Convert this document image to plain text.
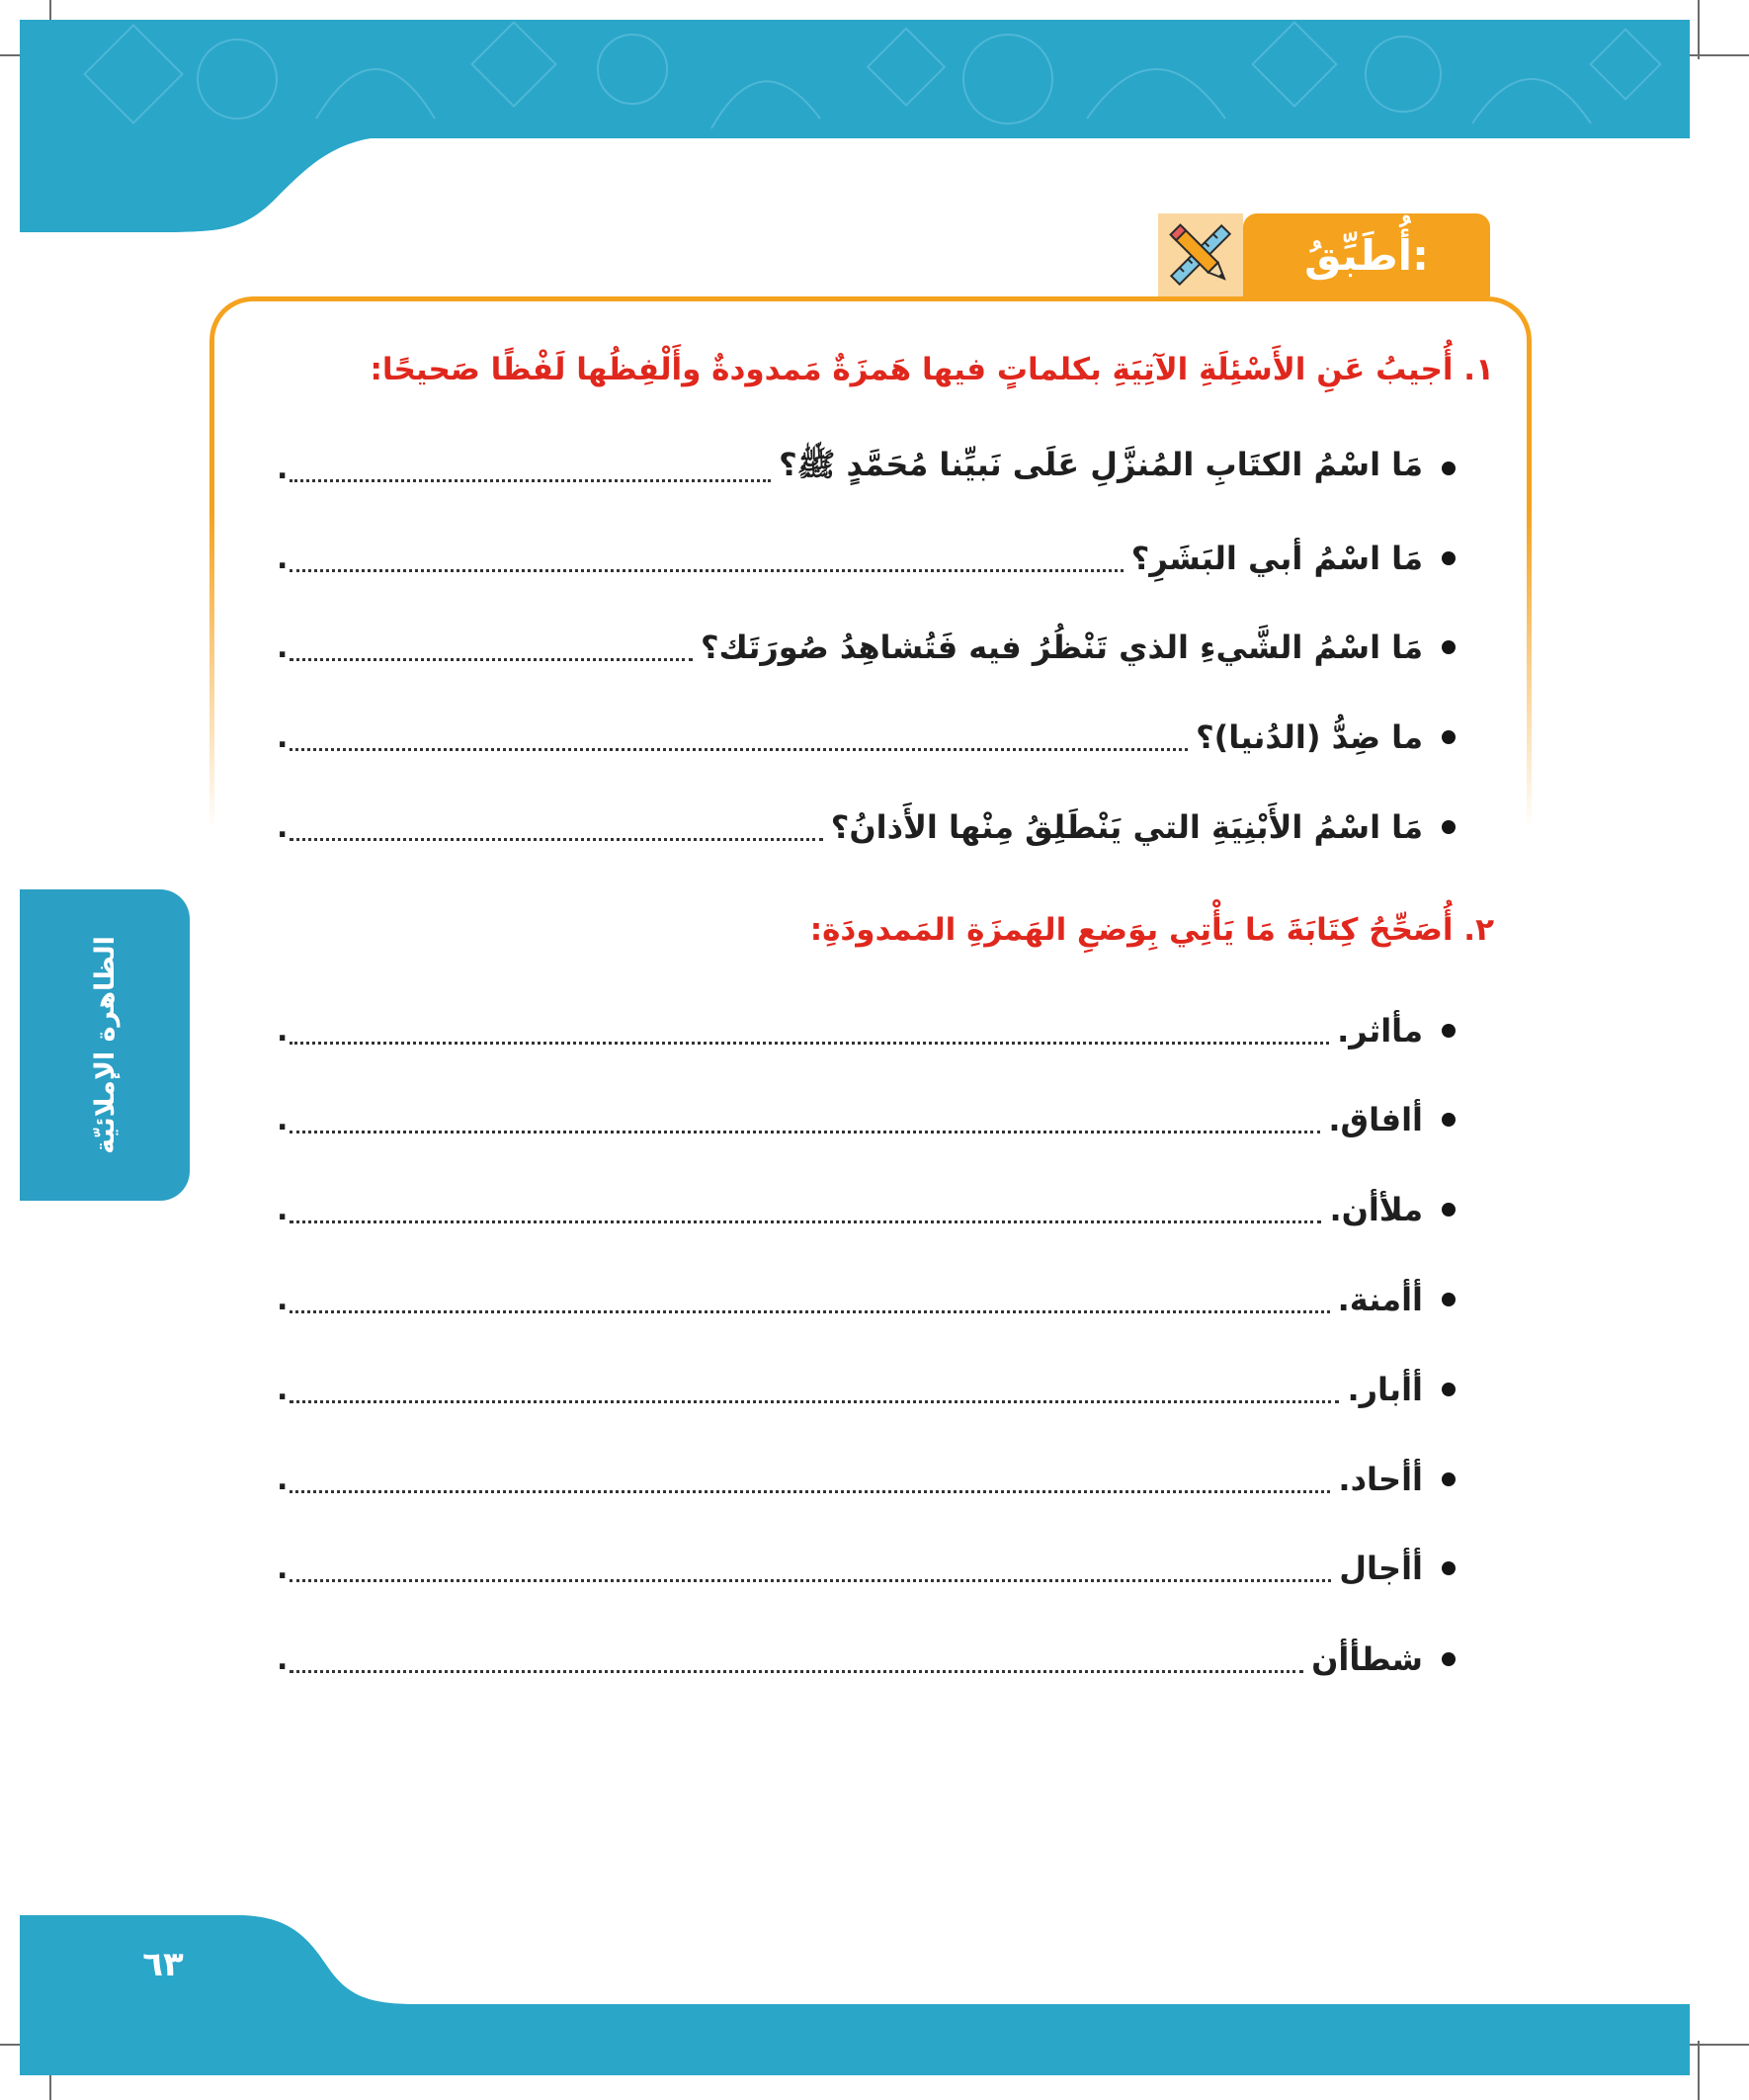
الظاهرة الإملائيّة
أُطَبِّقُ:
١. أُجيبُ عَنِ الأَسْئِلَةِ الآتِيَةِ بكلماتٍ فيها هَمزَةٌ مَمدودةٌ وأَلْفِظُها لَفْظًا صَحيحًا:
مَا اسْمُ الكتَابِ المُنزَّلِ عَلَى نَبيِّنا مُحَمَّدٍ ﷺ؟
.
مَا اسْمُ أبي البَشَرِ؟
.
مَا اسْمُ الشَّيءِ الذي تَنْظُرُ فيه فَتُشاهِدُ صُورَتَك؟
.
ما ضِدُّ (الدُنيا)؟
.
مَا اسْمُ الأَبْنِيَةِ التي يَنْطَلِقُ مِنْها الأَذانُ؟
.
٢. أُصَحِّحُ كِتَابَةَ مَا يَأْتِي بِوَضعِ الهَمزَةِ المَمدودَةِ:
مأاثر.
.
أافاق.
.
ملأأن.
.
أأمنة.
.
أأبار.
.
أأحاد.
.
أأجال
.
شطأأن
.
٦٣
